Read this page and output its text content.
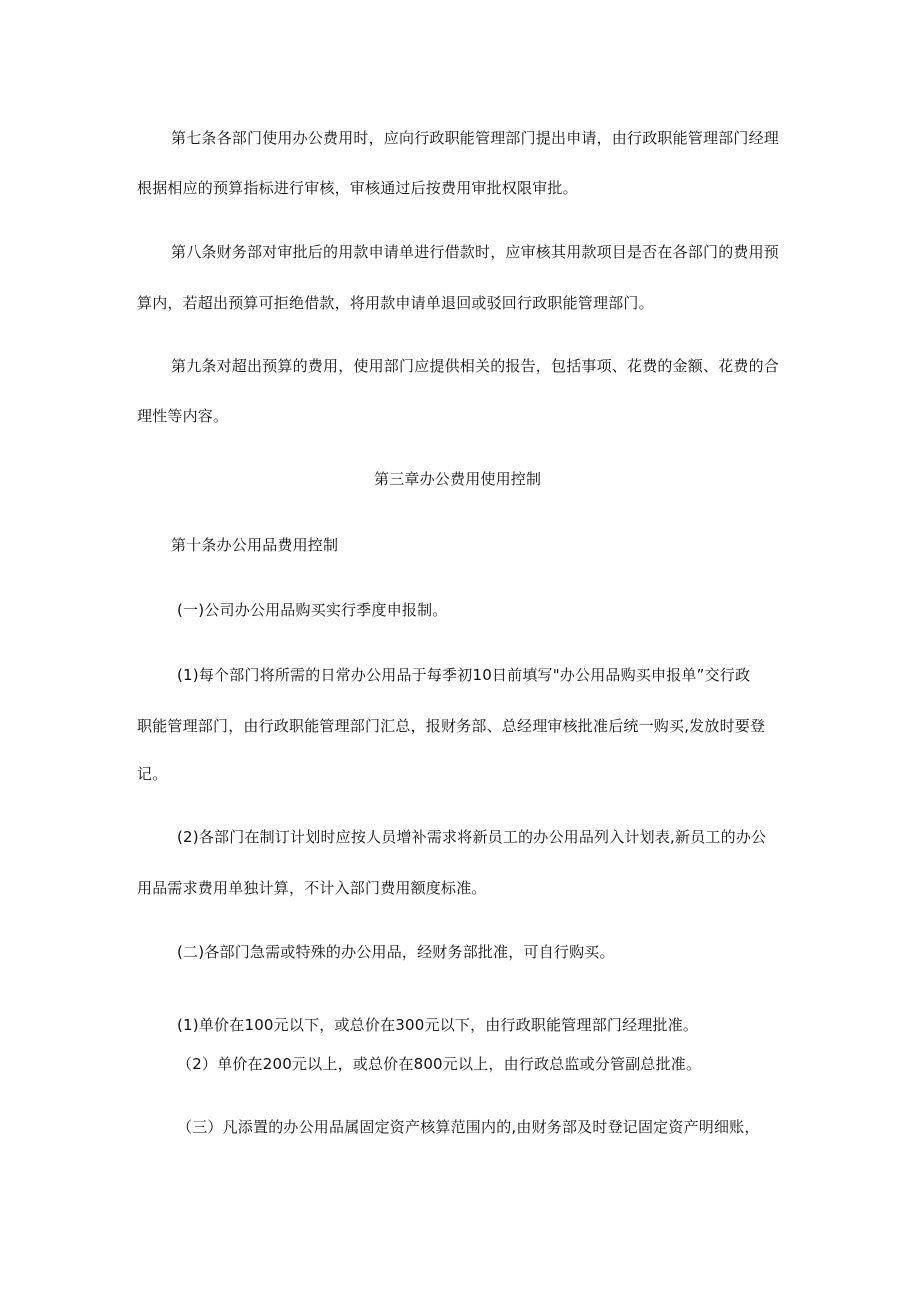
第七条各部门使用办公费用时，应向行政职能管理部门提出申请，由行政职能管理部门经理
根据相应的预算指标进行审核，审核通过后按费用审批权限审批。
第八条财务部对审批后的用款申请单进行借款时，应审核其用款项目是否在各部门的费用预
算内，若超出预算可拒绝借款，将用款申请单退回或驳回行政职能管理部门。
第九条对超出预算的费用，使用部门应提供相关的报告，包括事项、花费的金额、花费的合
理性等内容。
第三章办公费用使用控制
第十条办公用品费用控制
(一)公司办公用品购买实行季度申报制。
(1)每个部门将所需的日常办公用品于每季初10日前填写"办公用品购买申报单”交行政
职能管理部门，由行政职能管理部门汇总，报财务部、总经理审核批准后统一购买,发放时要登
记。
(2)各部门在制订计划时应按人员增补需求将新员工的办公用品列入计划表,新员工的办公
用品需求费用单独计算，不计入部门费用额度标准。
(二)各部门急需或特殊的办公用品，经财务部批准，可自行购买。
(1)单价在100元以下，或总价在300元以下，由行政职能管理部门经理批准。
（2）单价在200元以上，或总价在800元以上，由行政总监或分管副总批准。
（三）凡添置的办公用品属固定资产核算范围内的,由财务部及时登记固定资产明细账，
